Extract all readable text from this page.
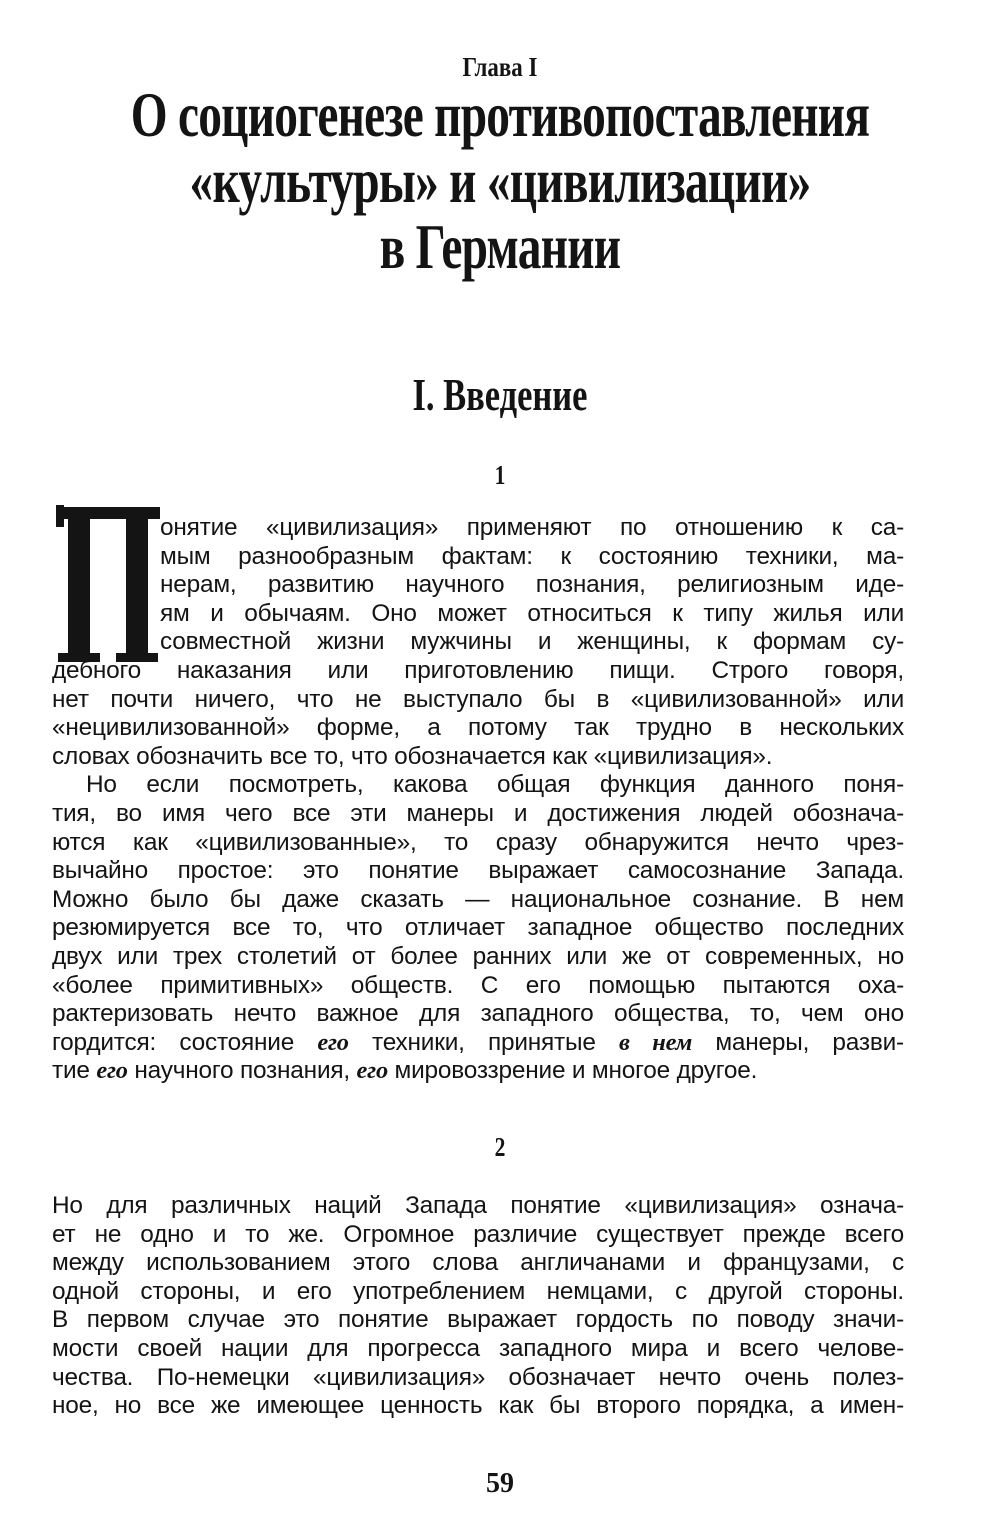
Глава I
О социогенезе противопоставления
«культуры» и «цивилизации»
в Германии
I. Введение
1
онятие «цивилизация» применяют по отношению к са-
мым разнообразным фактам: к состоянию техники, ма-
нерам, развитию научного познания, религиозным иде-
ям и обычаям. Оно может относиться к типу жилья или
совместной жизни мужчины и женщины, к формам су-
дебного наказания или приготовлению пищи. Строго говоря,
нет почти ничего, что не выступало бы в «цивилизованной» или
«нецивилизованной» форме, а потому так трудно в нескольких
словах обозначить все то, что обозначается как «цивилизация».
Но если посмотреть, какова общая функция данного поня-
тия, во имя чего все эти манеры и достижения людей обознача-
ются как «цивилизованные», то сразу обнаружится нечто чрез-
вычайно простое: это понятие выражает самосознание Запада.
Можно было бы даже сказать — национальное сознание. В нем
резюмируется все то, что отличает западное общество последних
двух или трех столетий от более ранних или же от современных, но
«более примитивных» обществ. С его помощью пытаются оха-
рактеризовать нечто важное для западного общества, то, чем оно
гордится: состояние его техники, принятые в нем манеры, разви-
тие его научного познания, его мировоззрение и многое другое.
2
Но для различных наций Запада понятие «цивилизация» означа-
ет не одно и то же. Огромное различие существует прежде всего
между использованием этого слова англичанами и французами, с
одной стороны, и его употреблением немцами, с другой стороны.
В первом случае это понятие выражает гордость по поводу значи-
мости своей нации для прогресса западного мира и всего челове-
чества. По-немецки «цивилизация» обозначает нечто очень полез-
ное, но все же имеющее ценность как бы второго порядка, а имен-
59
